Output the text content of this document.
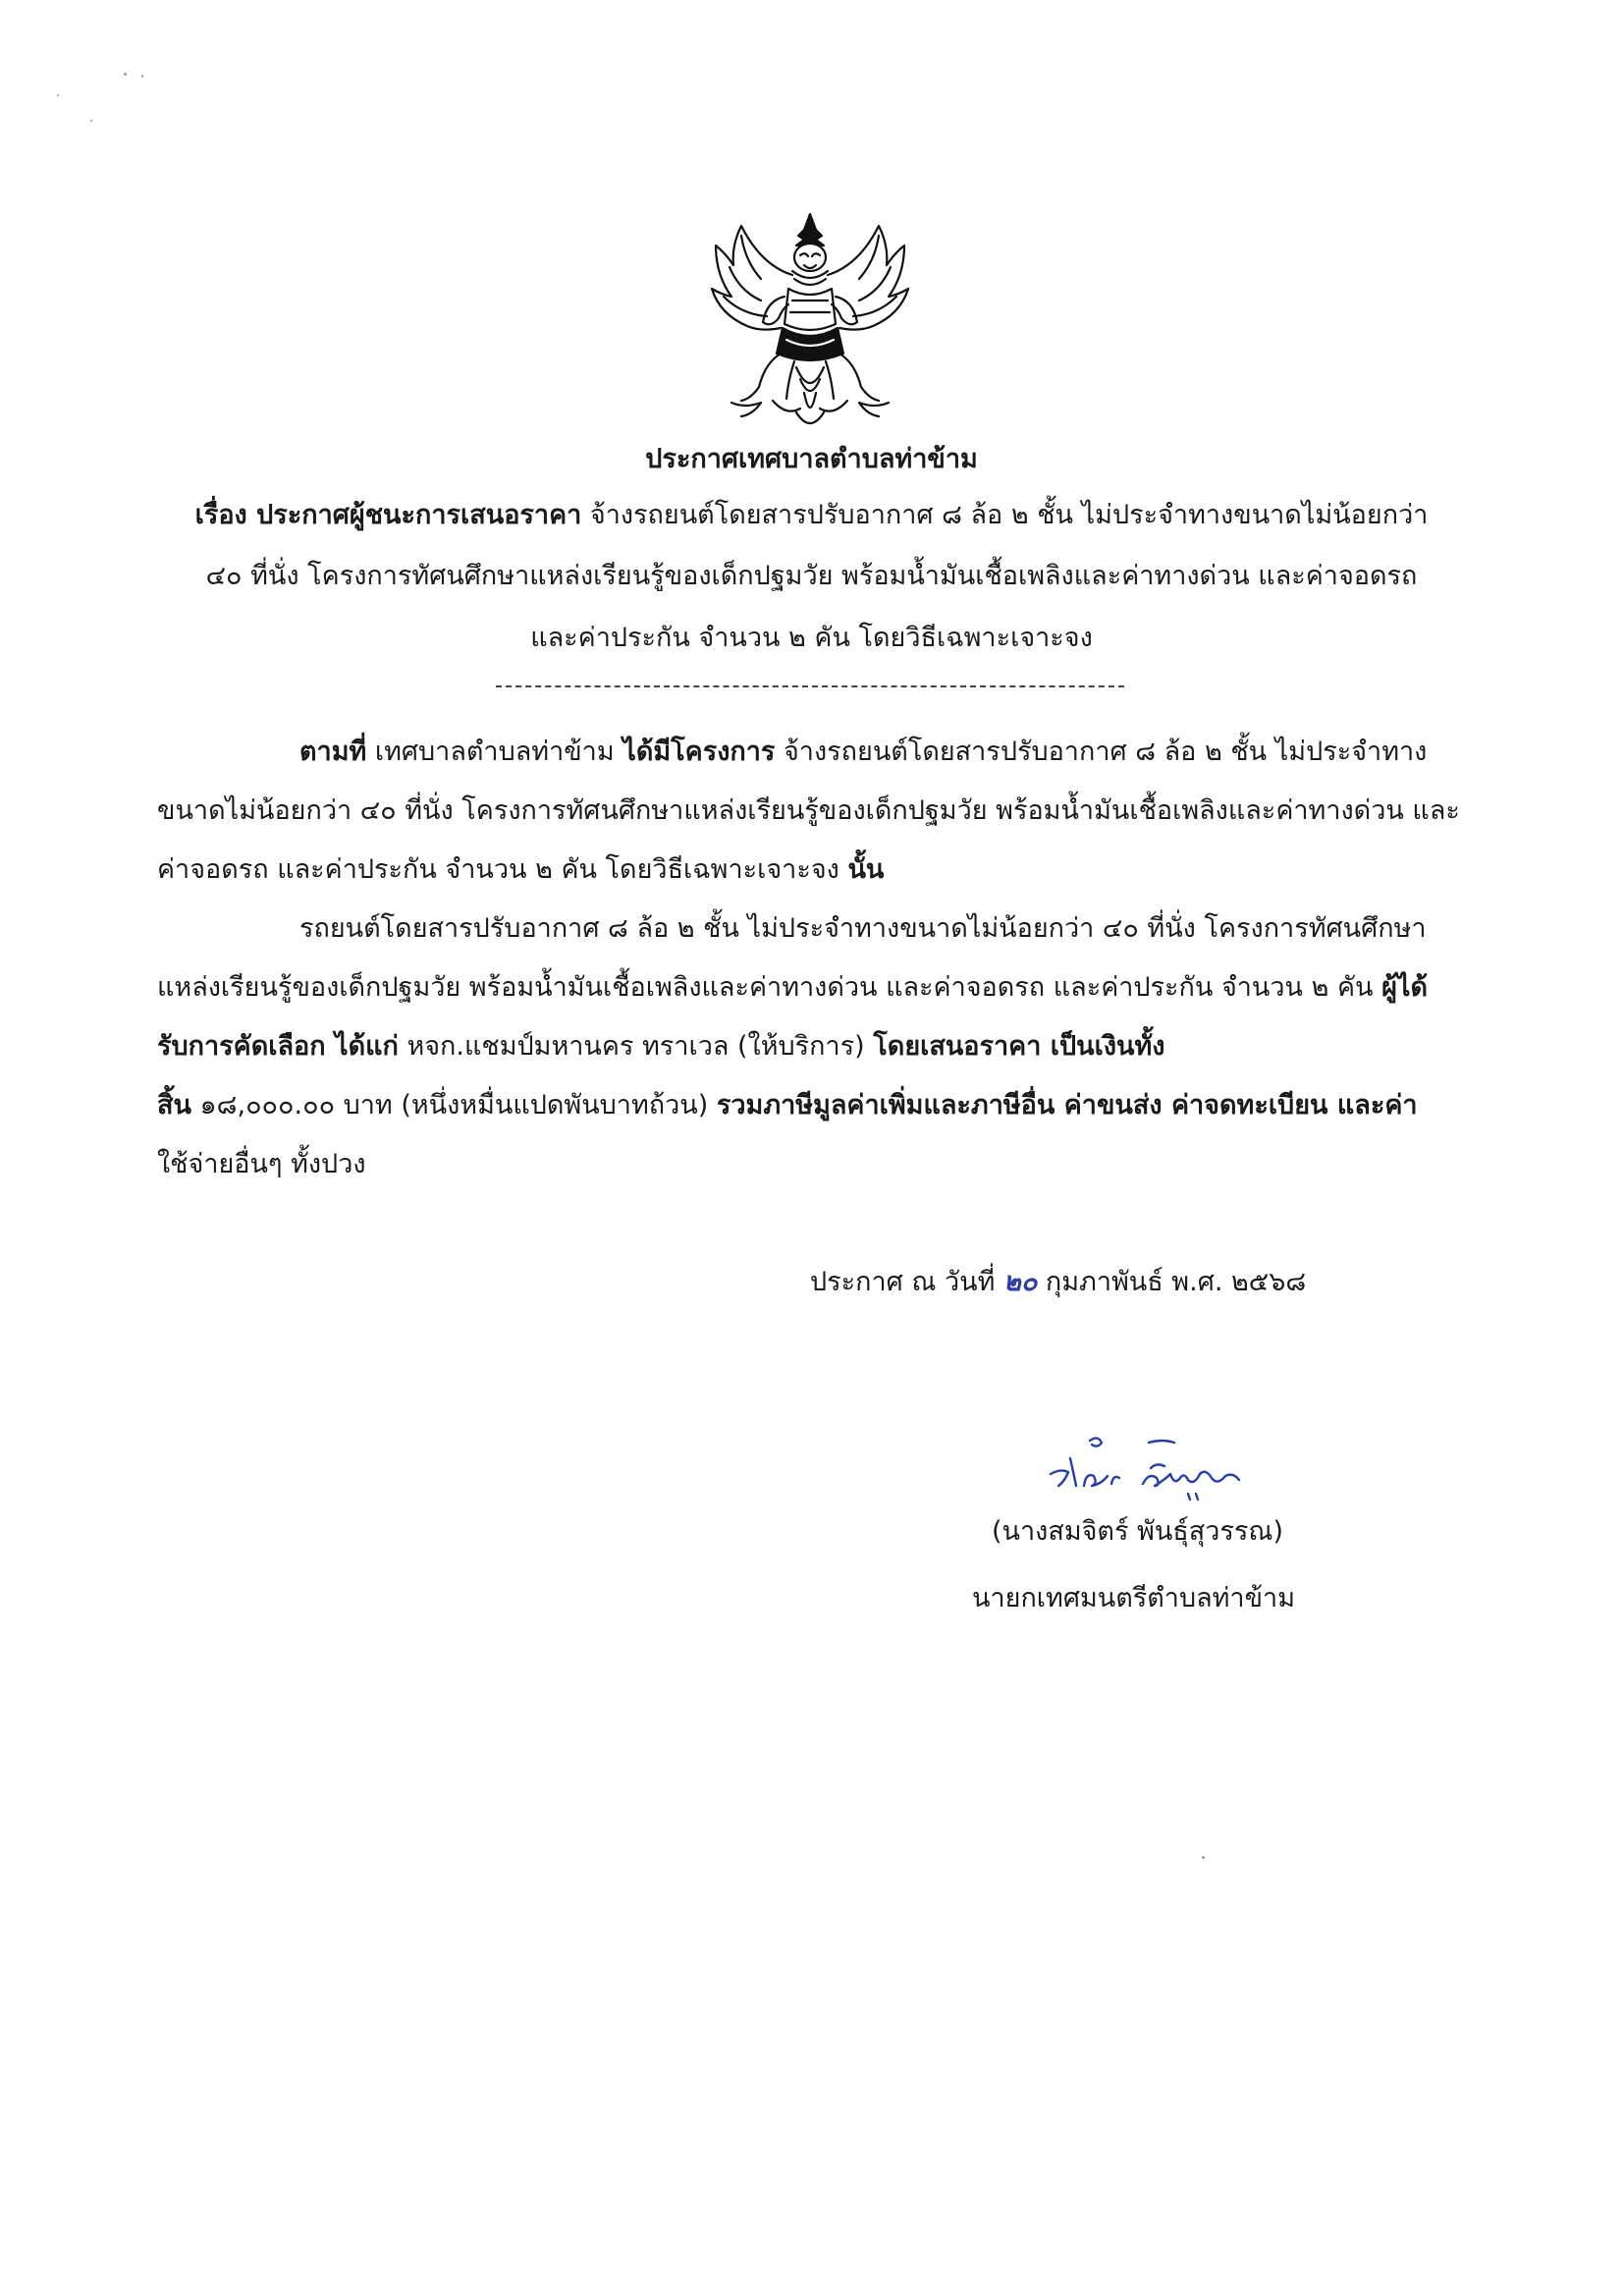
ประกาศเทศบาลตำบลท่าข้าม
เรื่อง ประกาศผู้ชนะการเสนอราคา จ้างรถยนต์โดยสารปรับอากาศ ๘ ล้อ ๒ ชั้น ไม่ประจำทางขนาดไม่น้อยกว่า
๔๐ ที่นั่ง โครงการทัศนศึกษาแหล่งเรียนรู้ของเด็กปฐมวัย พร้อมน้ำมันเชื้อเพลิงและค่าทางด่วน และค่าจอดรถ
และค่าประกัน จำนวน ๒ คัน โดยวิธีเฉพาะเจาะจง
ตามที่ เทศบาลตำบลท่าข้าม ได้มีโครงการ จ้างรถยนต์โดยสารปรับอากาศ ๘ ล้อ ๒ ชั้น ไม่ประจำทาง
ขนาดไม่น้อยกว่า ๔๐ ที่นั่ง โครงการทัศนศึกษาแหล่งเรียนรู้ของเด็กปฐมวัย พร้อมน้ำมันเชื้อเพลิงและค่าทางด่วน และ
ค่าจอดรถ และค่าประกัน จำนวน ๒ คัน โดยวิธีเฉพาะเจาะจง นั้น
รถยนต์โดยสารปรับอากาศ ๘ ล้อ ๒ ชั้น ไม่ประจำทางขนาดไม่น้อยกว่า ๔๐ ที่นั่ง โครงการทัศนศึกษา
แหล่งเรียนรู้ของเด็กปฐมวัย พร้อมน้ำมันเชื้อเพลิงและค่าทางด่วน และค่าจอดรถ และค่าประกัน จำนวน ๒ คัน ผู้ได้
รับการคัดเลือก ได้แก่ หจก.แชมป์มหานคร ทราเวล (ให้บริการ) โดยเสนอราคา เป็นเงินทั้ง
สิ้น ๑๘,๐๐๐.๐๐ บาท (หนึ่งหมื่นแปดพันบาทถ้วน) รวมภาษีมูลค่าเพิ่มและภาษีอื่น ค่าขนส่ง ค่าจดทะเบียน และค่า
ใช้จ่ายอื่นๆ ทั้งปวง
ประกาศ ณ วันที่ ๒๐ กุมภาพันธ์ พ.ศ. ๒๕๖๘
(นางสมจิตร์ พันธุ์สุวรรณ)
นายกเทศมนตรีตำบลท่าข้าม
